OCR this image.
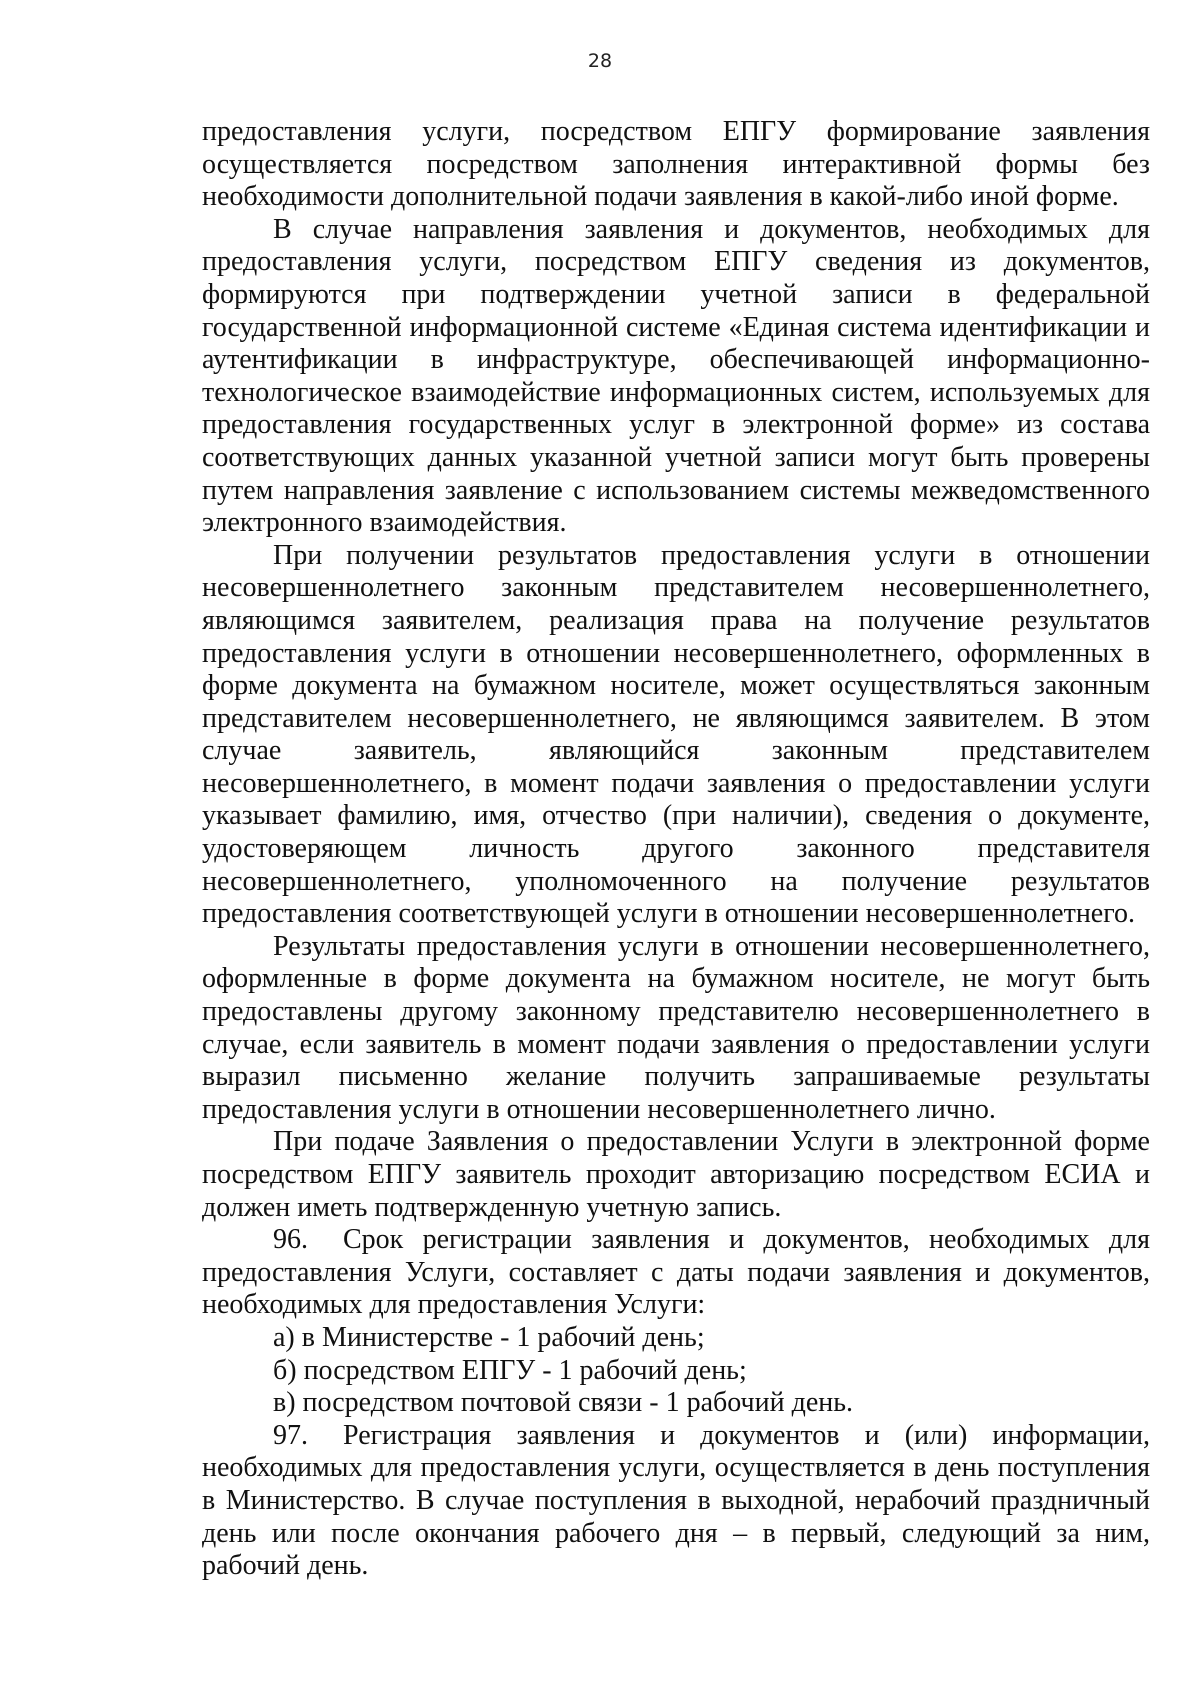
28

предоставления услуги, посредством ЕПГУ формирование заявления осуществляется посредством заполнения интерактивной формы без необходимости дополнительной подачи заявления в какой-либо иной форме.

В случае направления заявления и документов, необходимых для предоставления услуги, посредством ЕПГУ сведения из документов, формируются при подтверждении учетной записи в федеральной государственной информационной системе «Единая система идентификации и аутентификации в инфраструктуре, обеспечивающей информационно-технологическое взаимодействие информационных систем, используемых для предоставления государственных услуг в электронной форме» из состава соответствующих данных указанной учетной записи могут быть проверены путем направления заявление с использованием системы межведомственного электронного взаимодействия.

При получении результатов предоставления услуги в отношении несовершеннолетнего законным представителем несовершеннолетнего, являющимся заявителем, реализация права на получение результатов предоставления услуги в отношении несовершеннолетнего, оформленных в форме документа на бумажном носителе, может осуществляться законным представителем несовершеннолетнего, не являющимся заявителем. В этом случае заявитель, являющийся законным представителем несовершеннолетнего, в момент подачи заявления о предоставлении услуги указывает фамилию, имя, отчество (при наличии), сведения о документе, удостоверяющем личность другого законного представителя несовершеннолетнего, уполномоченного на получение результатов предоставления соответствующей услуги в отношении несовершеннолетнего.

Результаты предоставления услуги в отношении несовершеннолетнего, оформленные в форме документа на бумажном носителе, не могут быть предоставлены другому законному представителю несовершеннолетнего в случае, если заявитель в момент подачи заявления о предоставлении услуги выразил письменно желание получить запрашиваемые результаты предоставления услуги в отношении несовершеннолетнего лично.

При подаче Заявления о предоставлении Услуги в электронной форме посредством ЕПГУ заявитель проходит авторизацию посредством ЕСИА и должен иметь подтвержденную учетную запись.

96. Срок регистрации заявления и документов, необходимых для предоставления Услуги, составляет с даты подачи заявления и документов, необходимых для предоставления Услуги:

а) в Министерстве - 1 рабочий день;

б) посредством ЕПГУ - 1 рабочий день;

в) посредством почтовой связи - 1 рабочий день.

97. Регистрация заявления и документов и (или) информации, необходимых для предоставления услуги, осуществляется в день поступления в Министерство. В случае поступления в выходной, нерабочий праздничный день или после окончания рабочего дня – в первый, следующий за ним, рабочий день.
